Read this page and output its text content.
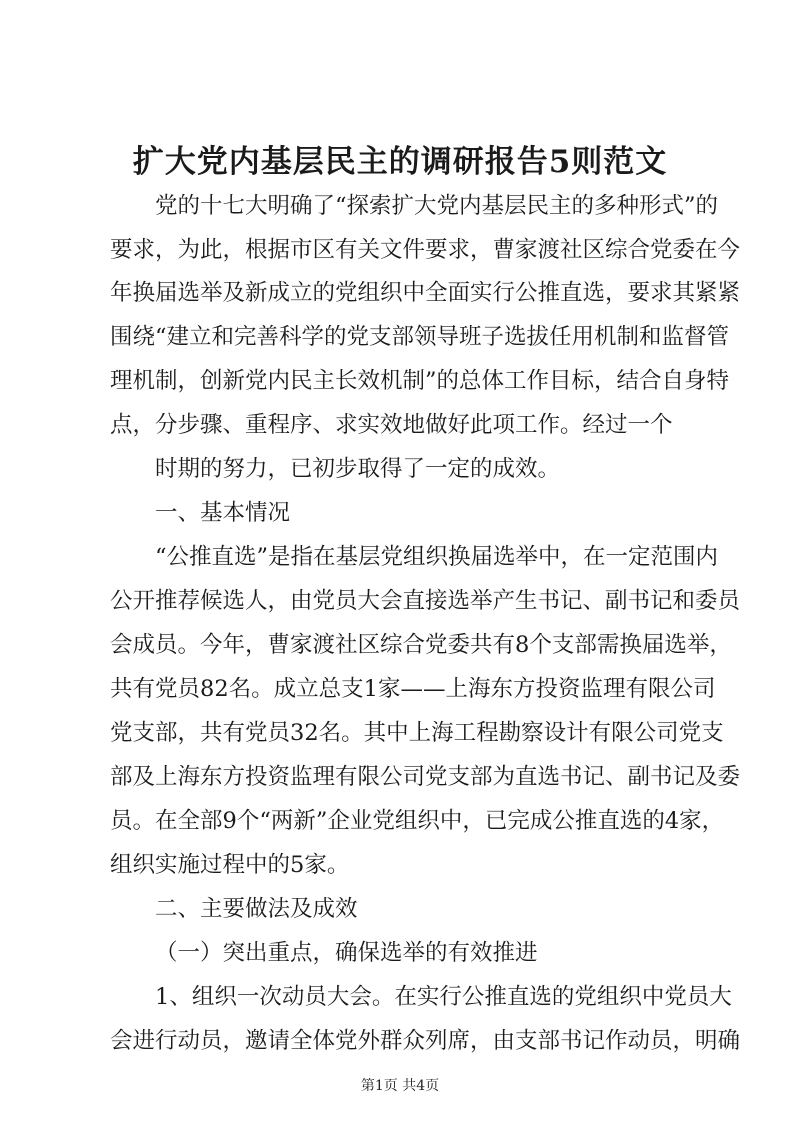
扩大党内基层民主的调研报告5则范文
党的十七大明确了“探索扩大党内基层民主的多种形式”的
要求，为此，根据市区有关文件要求，曹家渡社区综合党委在今
年换届选举及新成立的党组织中全面实行公推直选，要求其紧紧
围绕“建立和完善科学的党支部领导班子选拔任用机制和监督管
理机制，创新党内民主长效机制”的总体工作目标，结合自身特
点，分步骤、重程序、求实效地做好此项工作。经过一个
时期的努力，已初步取得了一定的成效。
一、基本情况
“公推直选”是指在基层党组织换届选举中，在一定范围内
公开推荐候选人，由党员大会直接选举产生书记、副书记和委员
会成员。今年，曹家渡社区综合党委共有8个支部需换届选举，
共有党员82名。成立总支1家——上海东方投资监理有限公司
党支部，共有党员32名。其中上海工程勘察设计有限公司党支
部及上海东方投资监理有限公司党支部为直选书记、副书记及委
员。在全部9个“两新”企业党组织中，已完成公推直选的4家，
组织实施过程中的5家。
二、主要做法及成效
（一）突出重点，确保选举的有效推进
1、组织一次动员大会。在实行公推直选的党组织中党员大
会进行动员，邀请全体党外群众列席，由支部书记作动员，明确
第1页 共4页
